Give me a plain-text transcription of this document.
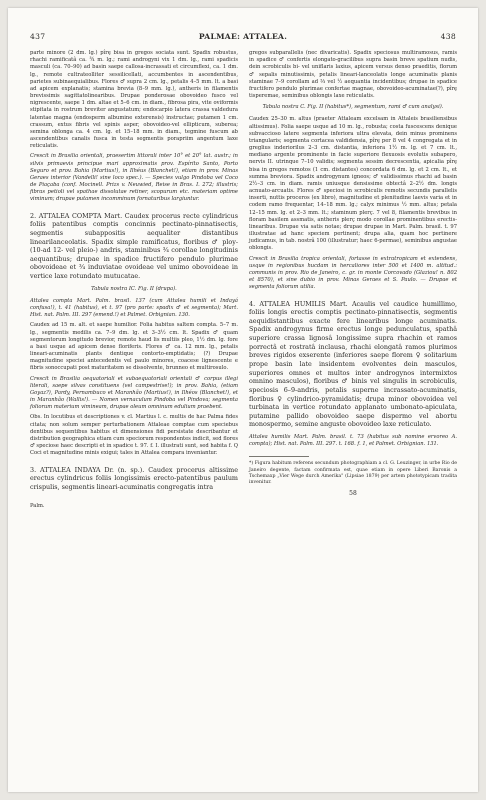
437	PALMAE: ATTALEA.	438

parte minore (2 dm. lg.) pîrę bisa in gregos sociata sunt. Spadix robustus, rhachi ramificatâ ca. ¾ m. lg.; rami androgyni vix 1 dm. lg., rami spadicis masculi (ca. 70–90) ad basin saepe callosa-incrassati et circumflexi, ca. 1 dm. lg., remote cultrateolliter sessilicellati, accumbentes in ascendentibus, parietes subinaequialibus. Flores ♂ supra 2 cm. lg., petalis 4–5 mm. lt. a basi ad apicem explanatis; stamina brevia (8–9 mm. lg.), antheris in filamentis brevissimis sagittatolinearibus. Drupae ponderosae obovoideo fusco vel nigrescente, saepe 1 dm. altae et 5–6 cm. in diam., fibrosa pira, vite oviformis stipitata in rostrum breviter angustatum; endocarpio latera crassa valdedura latentae magna (endosperm albumine exterensis) instructae; putamen 1 cm. crassum, extus fibris vel spinis asper, obovoideo-vel ellipticum, suberea; semina oblonga ca. 4 cm. lg. et 15–18 mm. in diam., tegmine fuscum ab ascendentibus canalis fusca in testa segmentis porapriim angentum laxe reticulatis.

Crescit in Brasilia orientali, praesertim littorali inter 10° et 20° lat. austr.; in silvis primaevis principue mari approximatis prov. Espírito Santo, Porto Seguro et prov. Bahia (Martius!), in Ilhéus (Blanchet!), etiam in prov. Minas Geraes interior (Vandelli! sine loco spec.). — Species vulgo Pindoba vel Coco de Piaçaba (conf. Mocinell. Prizs v. Neuwied, Reise in Bras. I. 272; illustris; fibras petioli vel spathae dissolutae retiner, scopurum etc. materiam optime viminum; drupae putamen incomminum fornaturibus largiuntur.

2. ATTALEA COMPTA Mart. Caudex procerus recte cylindricus foliis patentibus comptis concinnis pectinato-pinnatisectis, segmentis subappositis aequaliter distantibus linearilanceolatis. Spadix simple ramificatus, floribus ♂ ploy-(10-ad 12- vel pleio-) andris, staminibus ¾ corollae longitudinis aequantibus; drupae in spadice fructifero pendulo plurimae obovoideae et ¾ induviatae ovoideae vel unimo obovoideae in vertice laxe rotundato mutucatae.

Tabula nostra IC. Fig. II (drupa).

Attalea compta Mart. Palm. brasil. 137 (cum Attalea humili et Indayá confusa!), t. 41 (habitus), et t. 97 (pro parte: spadix ♂ et segmenta); Mart. Hist. nat. Palm. III. 297 (emend.!) et Palmet. Orbignian. 130.

Caudex ad 15 m. alt. et saepe humilior. Folia habitus saltem compta. 5–7 m. lg., segmentis medilis ca. 7–9 dm. lg. et 3–3½ cm. lt. Spadix ♂ quam segmentorum longitudo brevior, remote haud lis multiis pleo, 1½ dm. lg. fore a basi usque ad apicem dense floriferis. Flores ♂ ca. 12 mm. lg., petalis lineari-acuminatis plants dentique contorto-emptidatis; (?) Drupae magnitudine speciei antecedentis vel paulo minores, coacese lignescente e fibris sonoccupati post maturitatem se dissolvente, brunneo et multirosulo.

Crescit in Brasilia aequatoriali et subaequatoriali orientali ♂ corpus illegi literali, saepe silvas constituens (vel campestrise!); in prov. Bahia, (etiam Goyaz?), Pardy, Pernambuco et Maranhão (Martius!), in Ilhéos (Blanchet!), et in Maranhão (Wallis!). — Nomen vernaculum Pindoba vel Pindova; segmenta foliorum materium vimineam, drupae oleum omninum edulium praebent.

Obs. In locutibus et descriptiones v. cl. Martius l. c. multis de hac Palma fides citata; non solum semper perturbationem Attaleae comptae cum speciebus dentibus sequentibus habitus et dimensiones fidi persistate describantur et distribution geographica etiam cum speciorum respondentes indicit, sed flores ♂ speciose haec descripti et in spadice t. 97. f. I. illustrati sunt, sed habita f. Q Coci et magnitudine minis exigui; tales in Attalea compara inveniantur.

3. ATTALEA INDAYA Dr. (n. sp.). Caudex procerus altissime erectus cylindricus foliis longissimis erecto-patentibus paulum crispulis, segmentis lineari-acuminatis congregatis intra

Palm.

gregos subparallelis (nec divaricatis). Spadix speciosus multiramosus, ramis in spadice ♂ confertis elongato-gracilibus supra basin breve spatium nudis, dein scrobiculis bi- vel uniflaris laxius, apicem versus denso praeditis, florum ♂ sepalis minutissimis, petalis lineari-lanceolatis longe acuminatis planis staminae 7–9 corollam ad ⅔ vel ½ aequantia incidentibus; drupae in spadice fructifero pendulo plurimae confertae magnae, obovoideo-acuminatae(?), pîrę tisperemae, seminibus oblongis laxe reticulatis.

Tabula nostra C. Fig. II (habitus*), segmentum, rami ♂ cum analysi).

Caudex 25–30 m. altus (praeter Attaleam excelsam in Attaleis brasiliensibus altissimus). Folia saepe usque ad 10 m. lg., robusta; costa fuscescens denique subvaccioso latere segmenta inferiora ultra elevata, dein minus prominens triangularis; segmenta cortacea valdidensia, pîrę per 8 vel 4 congregata et in greglius inderiorilus 2–3 cm. distantia, inferiora 1½ m. lg. et 7 cm. lt., mediano argente prominente in facie superiore flexuosis evolutis subapero, nervis II. utrinque 7–10 validis; segmenta sessim decrescentia, apicalia pîrę bisa in gregos remotos (1 cm. distantes) concordata 6 dm. lg. et 2 cm. lt., et summa breviora. Spadix androgynum igneos; ♂ validissimus rhachi ad basin 2½–3 cm. in diam. ramis uniusque densissime obtectâ 2–2½ dm. longis acnuato-arcuatis. Flores ♂ speciosi in scrobiculis remotis secundis parallelis inserti, nuttis proceros (ex libro), magnitudine et plenitudine laevis varia et in codem ramo frequentar, 14–18 mm. lg.; calyx minimus ½ mm. altus; petala 12–15 mm. lg. et 2–3 mm. lt.; staminum plerç. 7 vel 8, filamentis brevibus in floram basilem assmatis, antheris plerç modo corollae prominentibus erectis-linearibus. Drupae via satis notae; drupae drupae in Mart. Palm. brasil. t. 97 illustratae ad hanc speciem pertinent; drupa alia, quam hoc pertinere judicamus, in tab. nostrâ 100 (illustratur; haec 6-permae), seminibus angustae oblongis.

Crescit in Brasilia tropica orientali, fortasse in extratropicam et extendens, usque in regionibus hucdam in hercaliores inter 500 et 1400 m. altitud.: communis in prov. Rio de Janeiro, c. gr. in monte Corcovado (Glaziou! n. 802 et 8570), et sine dubio in prov. Minas Geraes et S. Paulo. — Drupae et segmenta foliorum utilia.

4. ATTALEA HUMILIS Mart. Acaulis vel caudice humillimo, foliis longis erectis comptis pectinato-pinnatisectis, segmentis aequidistantibus exacte fere linearibus longe acuminatis. Spadix androgynus firme erectus longe pedunculatus, spathâ superiore crassa lignosâ longissime supra rhachin et ramos porrectâ et rostratâ inclausa, rhachi elongatâ ramos plurimos breves rigidos exserente (inferiores saepe florem ♀ solitarium prope basin late insidentem evolventes dein masculos, superiores omnes et multos inter androgynos intermixtos omnino masculos), floribus ♂ binis vel singulis in scrobiculis, speciosis 6–9-andris, petalis superne incrassato-acuminatis, floribus ♀ cylindrico-pyramidatis; drupa minor obovoidea vel turbinata in vertice rotundato applanato umbonato-apiculata, putamine pallido obovoideo saepe dispermo vel abortu monospermo, semine anguste obovoideo laxe reticulato.

Attalea humilis Mart. Palm. brasil. t. 73 (habitus sub nomine ervoreo A. compta); Hist. nat. Palm. III. 297. t. 168. f. 1, et Palmet. Orbignian. 131.

*) Figura habitum referens secundum photographiam a cl. G. Leuzinger, in urbe Rio de Janeiro degente, factam confirmata est, quae etiam in opere Liberi Baronis a Tschemaxp „Vier Wege durch Amerika" (Lipsiae 1879) per artem phototypicam tradita invenitur.

58
